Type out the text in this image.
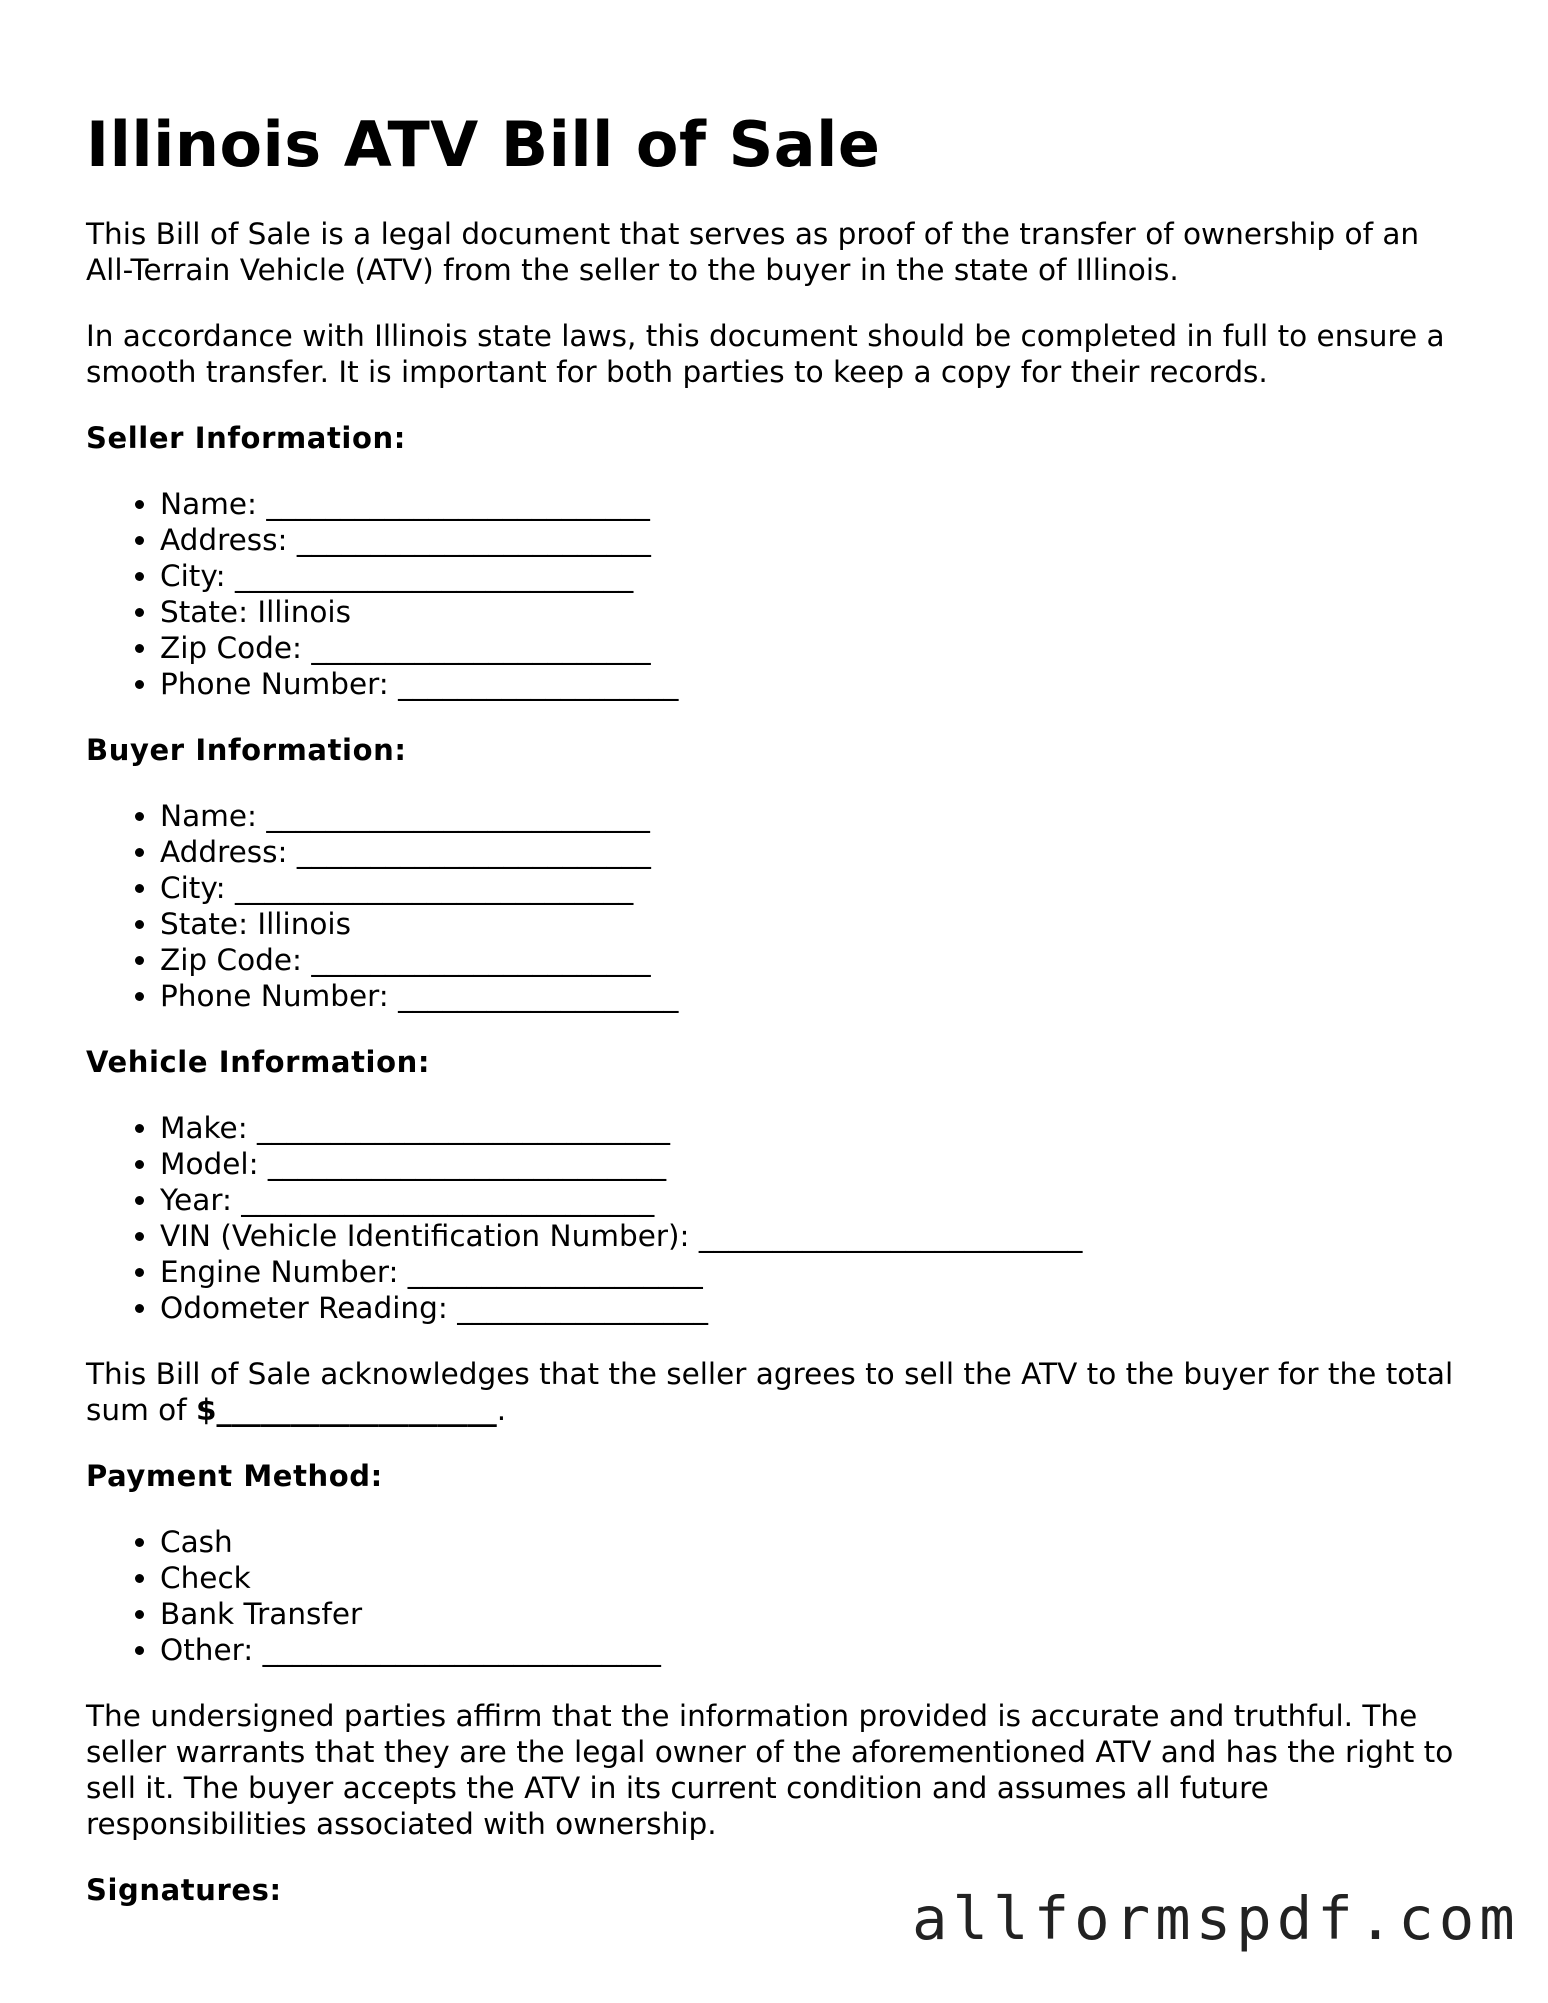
Illinois ATV Bill of Sale

This Bill of Sale is a legal document that serves as proof of the transfer of ownership of an All-Terrain Vehicle (ATV) from the seller to the buyer in the state of Illinois.

In accordance with Illinois state laws, this document should be completed in full to ensure a smooth transfer. It is important for both parties to keep a copy for their records.

Seller Information:
• Name: __________________________
• Address: ________________________
• City: ___________________________
• State: Illinois
• Zip Code: _______________________
• Phone Number: ___________________
Buyer Information:
• Name: __________________________
• Address: ________________________
• City: ___________________________
• State: Illinois
• Zip Code: _______________________
• Phone Number: ___________________
Vehicle Information:
• Make: ____________________________
• Model: ___________________________
• Year: ____________________________
• VIN (Vehicle Identification Number): __________________________
• Engine Number: ____________________
• Odometer Reading: _________________

This Bill of Sale acknowledges that the seller agrees to sell the ATV to the buyer for the total sum of $___________________.

Payment Method:
• Cash
• Check
• Bank Transfer
• Other: ___________________________

The undersigned parties affirm that the information provided is accurate and truthful. The seller warrants that they are the legal owner of the aforementioned ATV and has the right to sell it. The buyer accepts the ATV in its current condition and assumes all future responsibilities associated with ownership.

Signatures:	allformspdf.com
